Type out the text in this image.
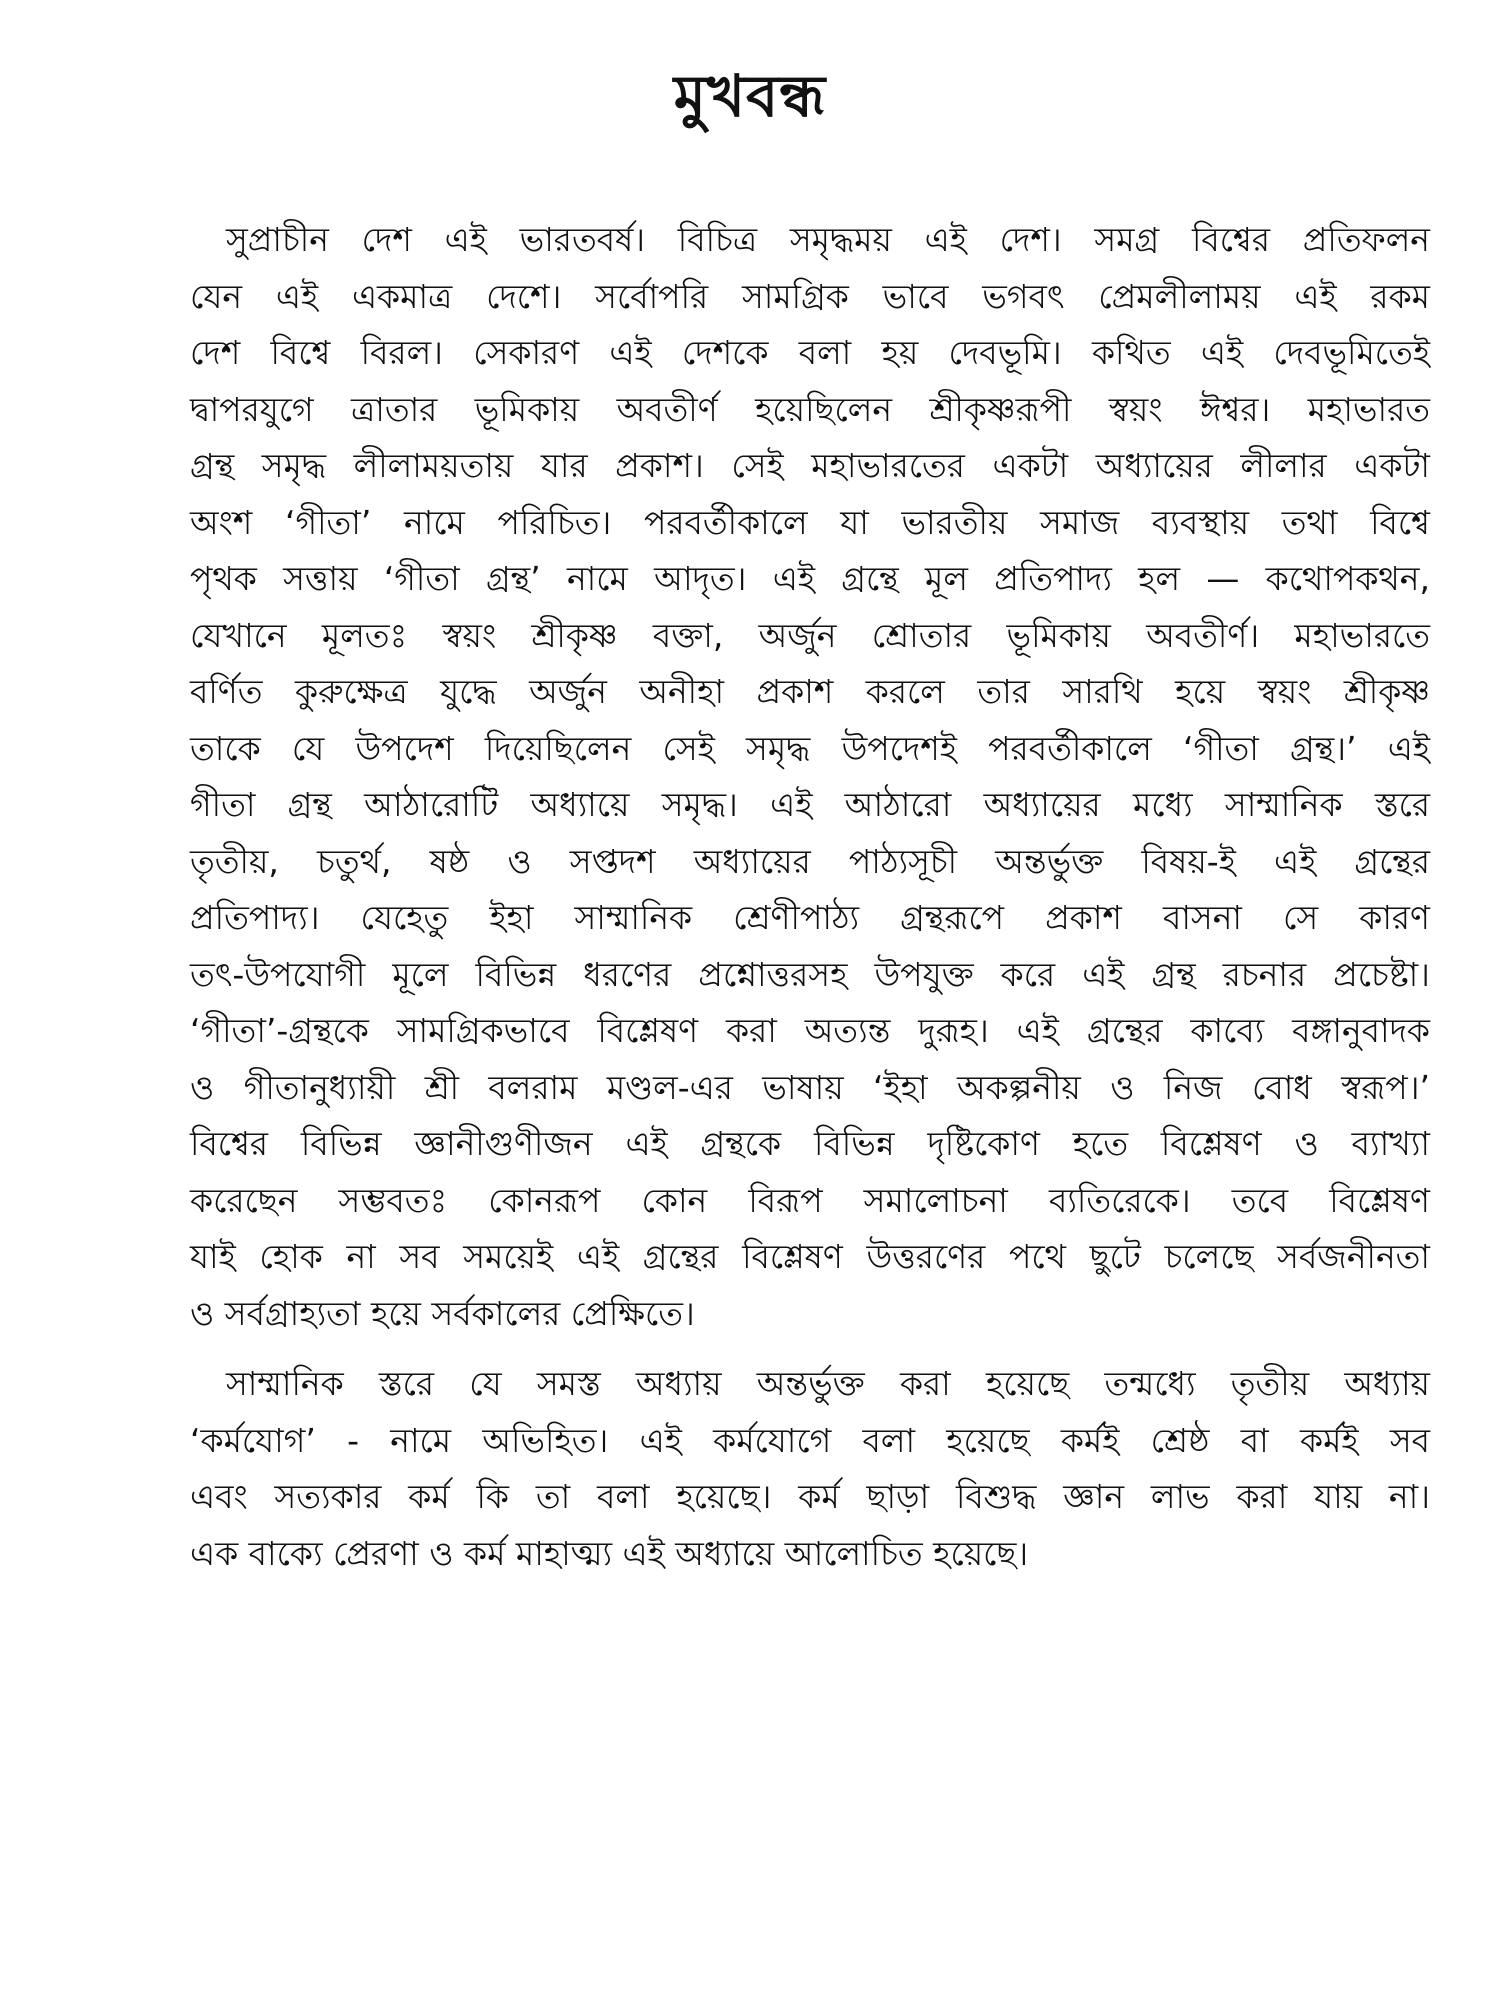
মুখবন্ধ
সুপ্রাচীন দেশ এই ভারতবর্ষ। বিচিত্র সমৃদ্ধময় এই দেশ। সমগ্র বিশ্বের প্রতিফলন
যেন এই একমাত্র দেশে। সর্বোপরি সামগ্রিক ভাবে ভগবৎ প্রেমলীলাময় এই রকম
দেশ বিশ্বে বিরল। সেকারণ এই দেশকে বলা হয় দেবভূমি। কথিত এই দেবভূমিতেই
দ্বাপরযুগে ত্রাতার ভূমিকায় অবতীর্ণ হয়েছিলেন শ্রীকৃষ্ণরূপী স্বয়ং ঈশ্বর। মহাভারত
গ্রন্থ সমৃদ্ধ লীলাময়তায় যার প্রকাশ। সেই মহাভারতের একটা অধ্যায়ের লীলার একটা
অংশ ‘গীতা’ নামে পরিচিত। পরবর্তীকালে যা ভারতীয় সমাজ ব্যবস্থায় তথা বিশ্বে
পৃথক সত্তায় ‘গীতা গ্রন্থ’ নামে আদৃত। এই গ্রন্থে মূল প্রতিপাদ্য হল — কথোপকথন,
যেখানে মূলতঃ স্বয়ং শ্রীকৃষ্ণ বক্তা, অর্জুন শ্রোতার ভূমিকায় অবতীর্ণ। মহাভারতে
বর্ণিত কুরুক্ষেত্র যুদ্ধে অর্জুন অনীহা প্রকাশ করলে তার সারথি হয়ে স্বয়ং শ্রীকৃষ্ণ
তাকে যে উপদেশ দিয়েছিলেন সেই সমৃদ্ধ উপদেশই পরবর্তীকালে ‘গীতা গ্রন্থ।’ এই
গীতা গ্রন্থ আঠারোটি অধ্যায়ে সমৃদ্ধ। এই আঠারো অধ্যায়ের মধ্যে সাম্মানিক স্তরে
তৃতীয়, চতুর্থ, ষষ্ঠ ও সপ্তদশ অধ্যায়ের পাঠ্যসূচী অন্তর্ভুক্ত বিষয়-ই এই গ্রন্থের
প্রতিপাদ্য। যেহেতু ইহা সাম্মানিক শ্রেণীপাঠ্য গ্রন্থরূপে প্রকাশ বাসনা সে কারণ
তৎ-উপযোগী মূলে বিভিন্ন ধরণের প্রশ্নোত্তরসহ উপযুক্ত করে এই গ্রন্থ রচনার প্রচেষ্টা।
‘গীতা’-গ্রন্থকে সামগ্রিকভাবে বিশ্লেষণ করা অত্যন্ত দুরূহ। এই গ্রন্থের কাব্যে বঙ্গানুবাদক
ও গীতানুধ্যায়ী শ্রী বলরাম মণ্ডল-এর ভাষায় ‘ইহা অকল্পনীয় ও নিজ বোধ স্বরূপ।’
বিশ্বের বিভিন্ন জ্ঞানীগুণীজন এই গ্রন্থকে বিভিন্ন দৃষ্টিকোণ হতে বিশ্লেষণ ও ব্যাখ্যা
করেছেন সম্ভবতঃ কোনরূপ কোন বিরূপ সমালোচনা ব্যতিরেকে। তবে বিশ্লেষণ
যাই হোক না সব সময়েই এই গ্রন্থের বিশ্লেষণ উত্তরণের পথে ছুটে চলেছে সর্বজনীনতা
ও সর্বগ্রাহ্যতা হয়ে সর্বকালের প্রেক্ষিতে।
সাম্মানিক স্তরে যে সমস্ত অধ্যায় অন্তর্ভুক্ত করা হয়েছে তন্মধ্যে তৃতীয় অধ্যায়
‘কর্মযোগ’ - নামে অভিহিত। এই কর্মযোগে বলা হয়েছে কর্মই শ্রেষ্ঠ বা কর্মই সব
এবং সত্যকার কর্ম কি তা বলা হয়েছে। কর্ম ছাড়া বিশুদ্ধ জ্ঞান লাভ করা যায় না।
এক বাক্যে প্রেরণা ও কর্ম মাহাত্ম্য এই অধ্যায়ে আলোচিত হয়েছে।
